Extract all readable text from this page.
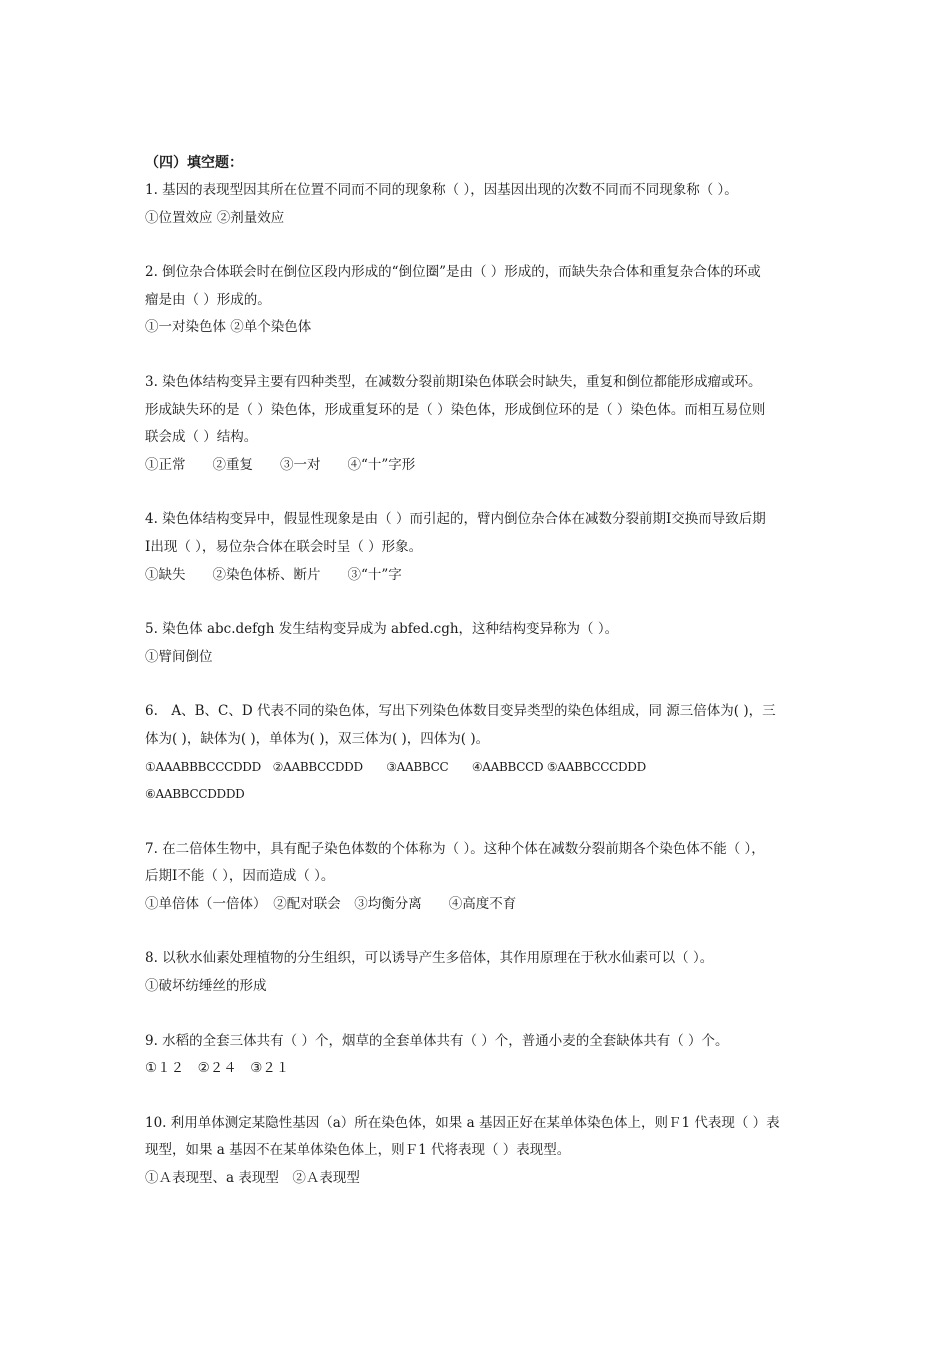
（四）填空题：

1. 基因的表现型因其所在位置不同而不同的现象称（ ），因基因出现的次数不同而不同现象称（ ）。

①位置效应 ②剂量效应

2. 倒位杂合体联会时在倒位区段内形成的“倒位圈”是由（ ）形成的，而缺失杂合体和重复杂合体的环或

瘤是由（ ）形成的。

①一对染色体 ②单个染色体

3. 染色体结构变异主要有四种类型，在减数分裂前期Ⅰ染色体联会时缺失，重复和倒位都能形成瘤或环。

形成缺失环的是（ ）染色体，形成重复环的是（ ）染色体，形成倒位环的是（ ）染色体。而相互易位则

联会成（ ）结构。

①正常　　②重复　　③一对　　④“十”字形

4. 染色体结构变异中，假显性现象是由（ ）而引起的，臂内倒位杂合体在减数分裂前期Ⅰ交换而导致后期

Ⅰ出现（ ），易位杂合体在联会时呈（ ）形象。

①缺失　　②染色体桥、断片　　③“十”字

5. 染色体 abc.defgh 发生结构变异成为 abfed.cgh，这种结构变异称为（ ）。

①臂间倒位

6.　A、B、C、D 代表不同的染色体，写出下列染色体数目变异类型的染色体组成，同 源三倍体为( )，三

体为( )，缺体为( )，单体为( )，双三体为( )，四体为( )。

①AAABBBCCCDDD　②AABBCCDDD　　③AABBCC　　④AABBCCD ⑤AABBCCCDDD

⑥AABBCCDDDD

7. 在二倍体生物中，具有配子染色体数的个体称为（ ）。这种个体在减数分裂前期各个染色体不能（ ），

后期Ⅰ不能（ ），因而造成（ ）。

①单倍体（一倍体）　②配对联会　③均衡分离　　④高度不育

8. 以秋水仙素处理植物的分生组织，可以诱导产生多倍体，其作用原理在于秋水仙素可以（ ）。

①破坏纺缍丝的形成

9. 水稻的全套三体共有（ ）个，烟草的全套单体共有（ ）个，普通小麦的全套缺体共有（ ）个。

①１２　②２４　③２１

10. 利用单体测定某隐性基因（a）所在染色体，如果 a 基因正好在某单体染色体上，则Ｆ1 代表现（ ）表

现型，如果 a 基因不在某单体染色体上，则Ｆ1 代将表现（ ）表现型。

①Ａ表现型、a 表现型　②Ａ表现型
